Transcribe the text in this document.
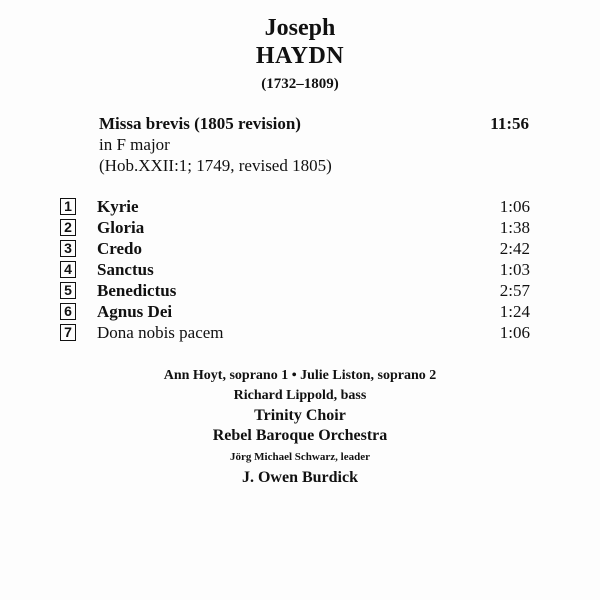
Joseph
HAYDN
(1732–1809)
Missa brevis (1805 revision)	11:56
in F major
(Hob.XXII:1; 1749, revised 1805)
1 Kyrie	1:06
2 Gloria	1:38
3 Credo	2:42
4 Sanctus	1:03
5 Benedictus	2:57
6 Agnus Dei	1:24
7 Dona nobis pacem	1:06
Ann Hoyt, soprano 1 • Julie Liston, soprano 2
Richard Lippold, bass
Trinity Choir
Rebel Baroque Orchestra
Jörg Michael Schwarz, leader
J. Owen Burdick
